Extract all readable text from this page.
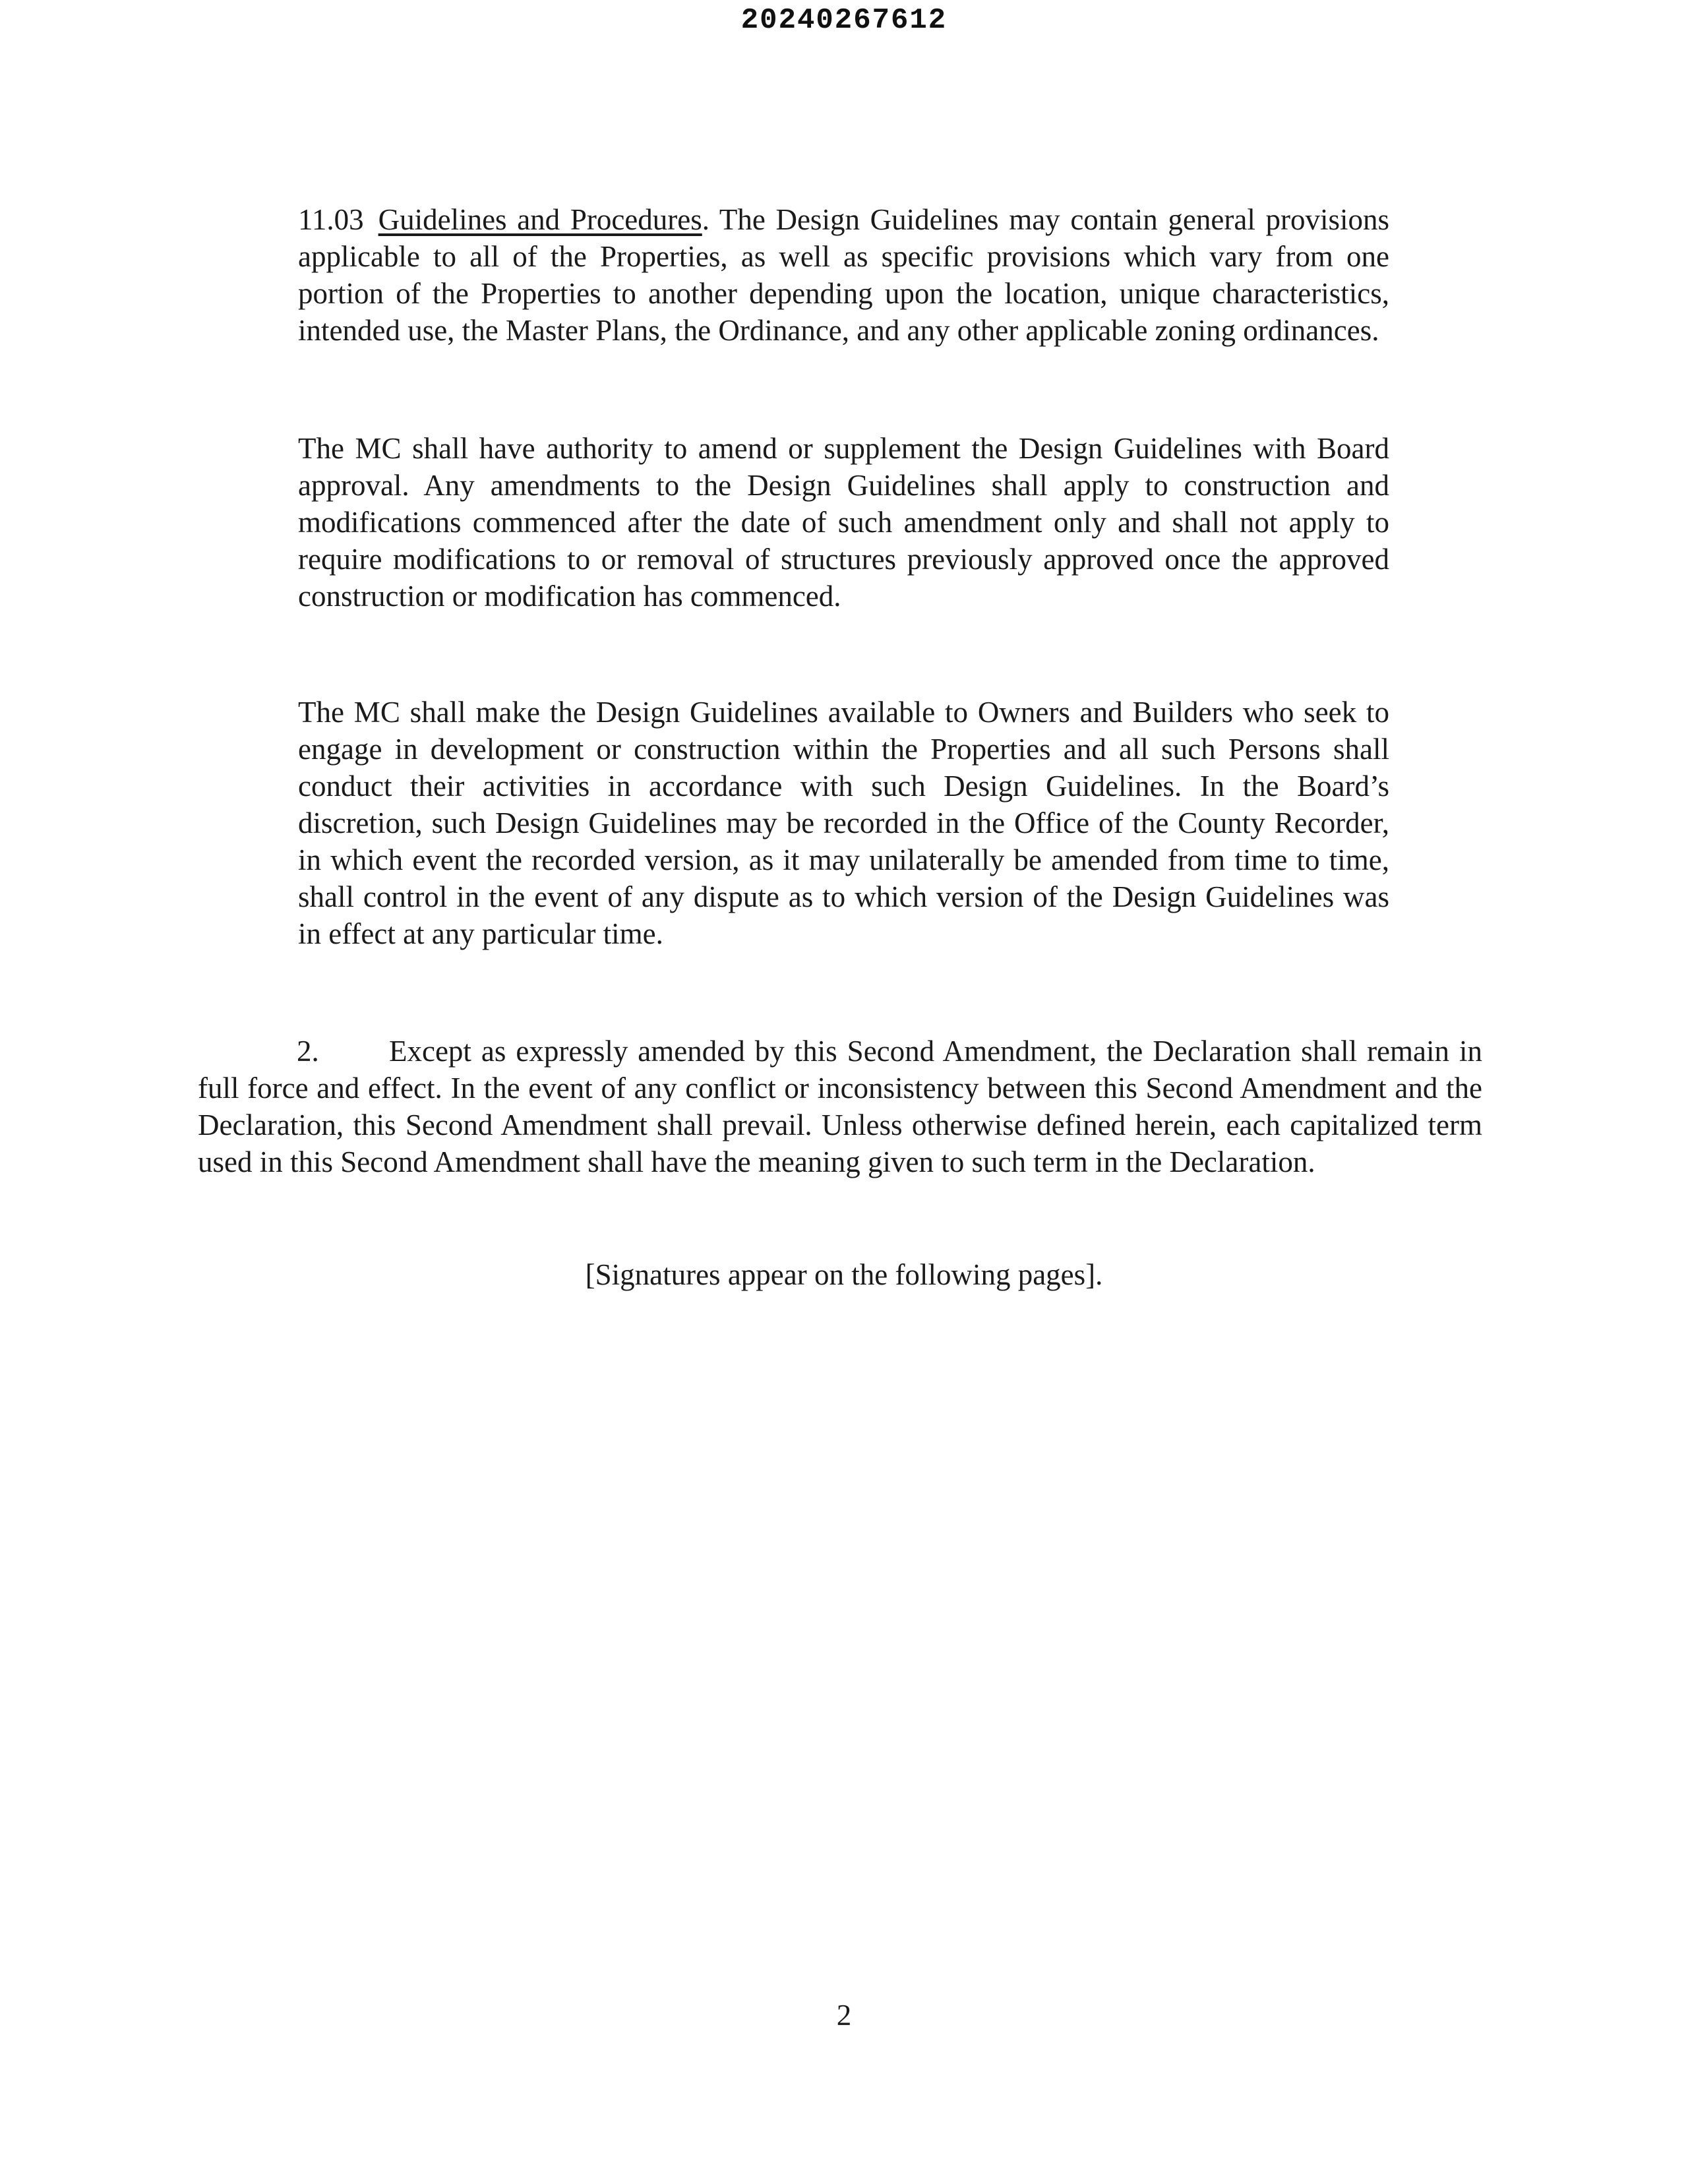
20240267612
11.03 Guidelines and Procedures. The Design Guidelines may contain general provisions applicable to all of the Properties, as well as specific provisions which vary from one portion of the Properties to another depending upon the location, unique characteristics, intended use, the Master Plans, the Ordinance, and any other applicable zoning ordinances.
The MC shall have authority to amend or supplement the Design Guidelines with Board approval. Any amendments to the Design Guidelines shall apply to construction and modifications commenced after the date of such amendment only and shall not apply to require modifications to or removal of structures previously approved once the approved construction or modification has commenced.
The MC shall make the Design Guidelines available to Owners and Builders who seek to engage in development or construction within the Properties and all such Persons shall conduct their activities in accordance with such Design Guidelines. In the Board’s discretion, such Design Guidelines may be recorded in the Office of the County Recorder, in which event the recorded version, as it may unilaterally be amended from time to time, shall control in the event of any dispute as to which version of the Design Guidelines was in effect at any particular time.
2. Except as expressly amended by this Second Amendment, the Declaration shall remain in full force and effect. In the event of any conflict or inconsistency between this Second Amendment and the Declaration, this Second Amendment shall prevail. Unless otherwise defined herein, each capitalized term used in this Second Amendment shall have the meaning given to such term in the Declaration.
[Signatures appear on the following pages].
2
